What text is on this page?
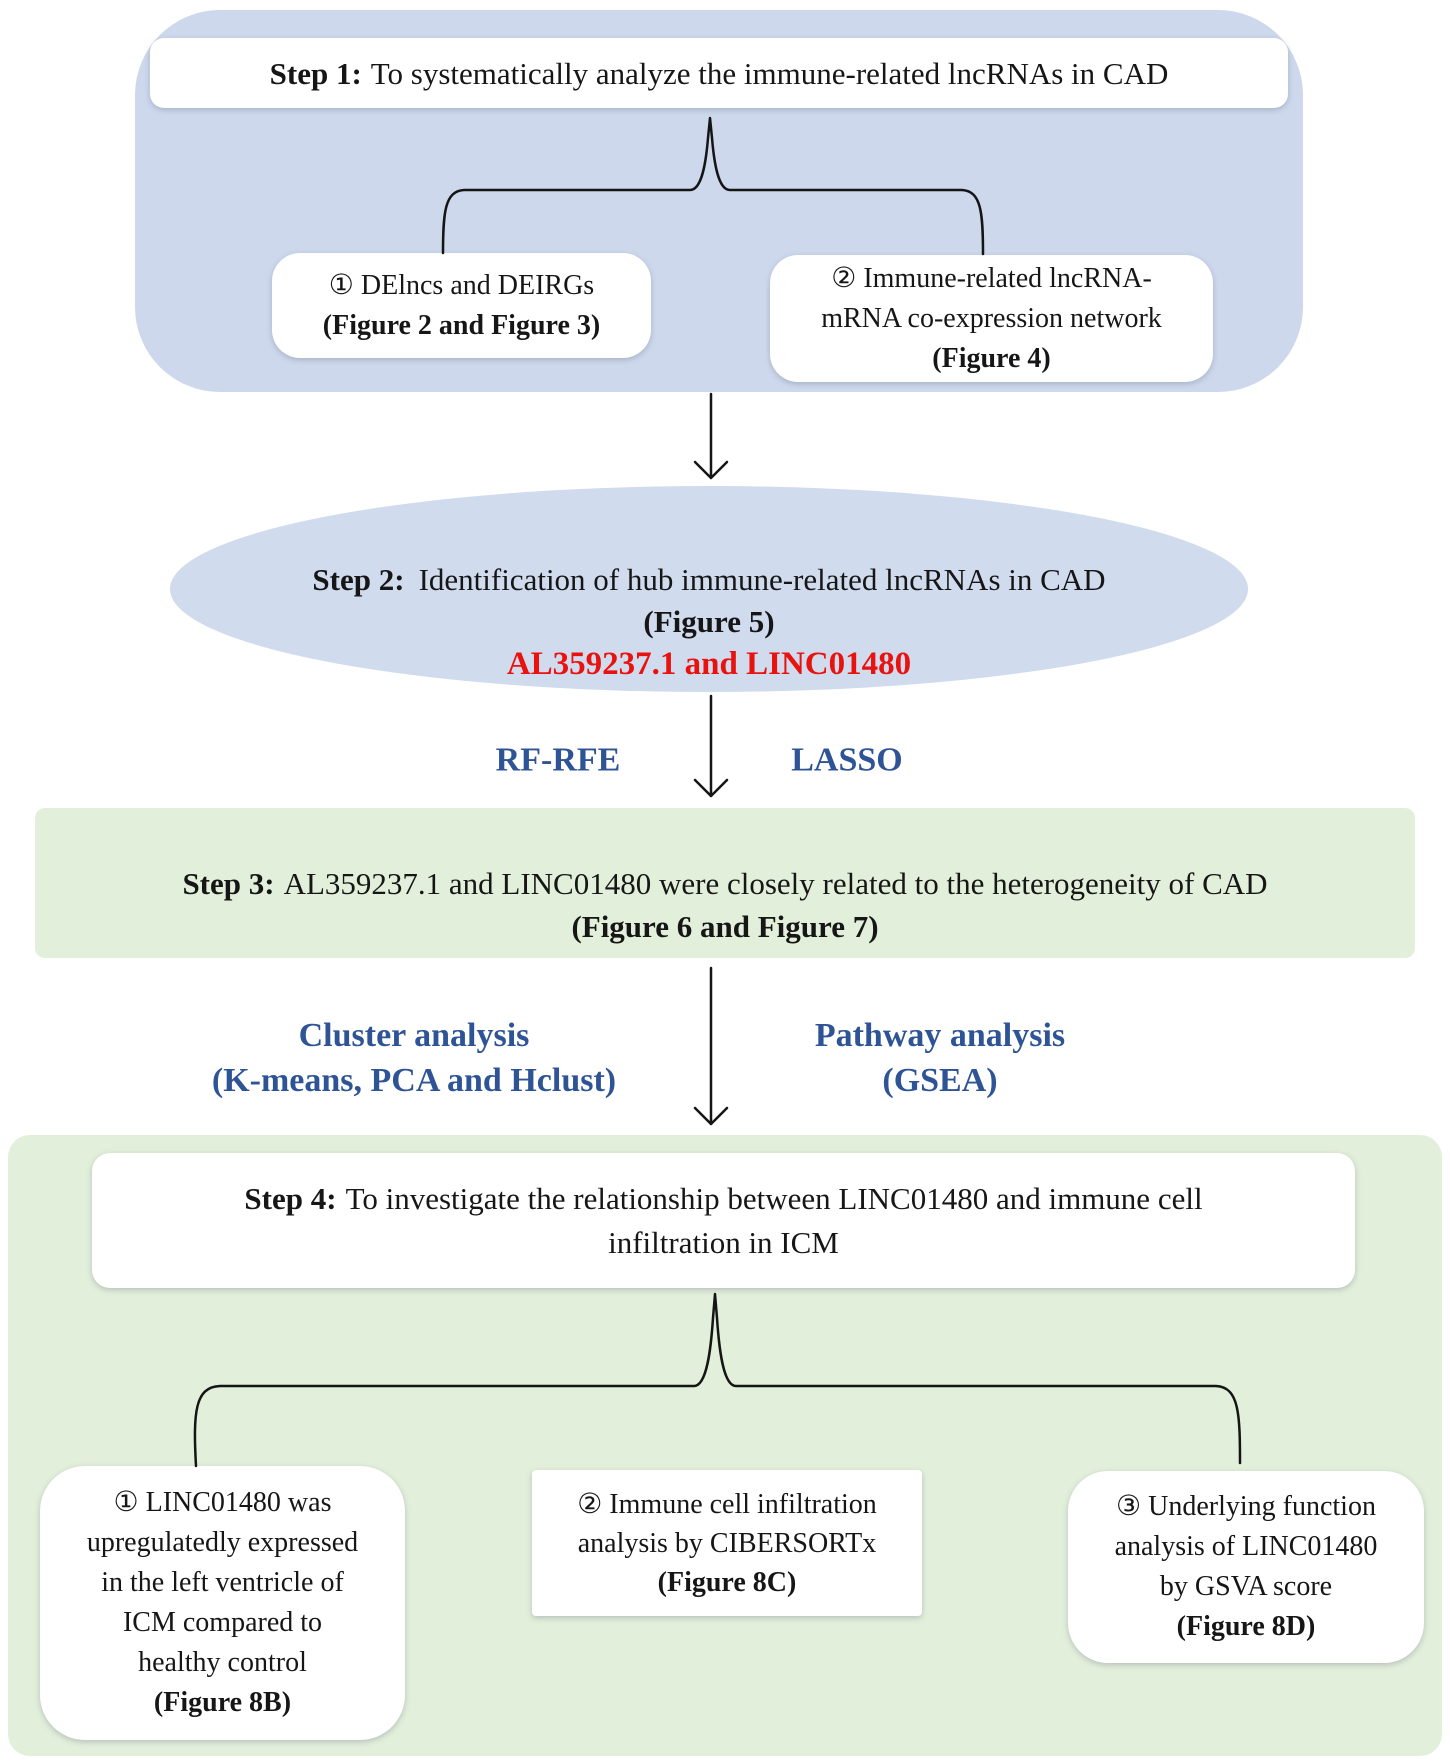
Step 1: To systematically analyze the immune-related lncRNAs in CAD
① DElncs and DEIRGs
(Figure 2 and Figure 3)
② Immune-related lncRNA-
mRNA co-expression network
(Figure 4)
Step 2: Identification of hub immune-related lncRNAs in CAD
(Figure 5)
AL359237.1 and LINC01480
RF-RFE	LASSO
Step 3: AL359237.1 and LINC01480 were closely related to the heterogeneity of CAD
(Figure 6 and Figure 7)
Cluster analysis
(K-means, PCA and Hclust)
Pathway analysis
(GSEA)
Step 4: To investigate the relationship between LINC01480 and immune cell
infiltration in ICM
① LINC01480 was
upregulatedly expressed
in the left ventricle of
ICM compared to
healthy control
(Figure 8B)
② Immune cell infiltration
analysis by CIBERSORTx
(Figure 8C)
③ Underlying function
analysis of LINC01480
by GSVA score
(Figure 8D)
